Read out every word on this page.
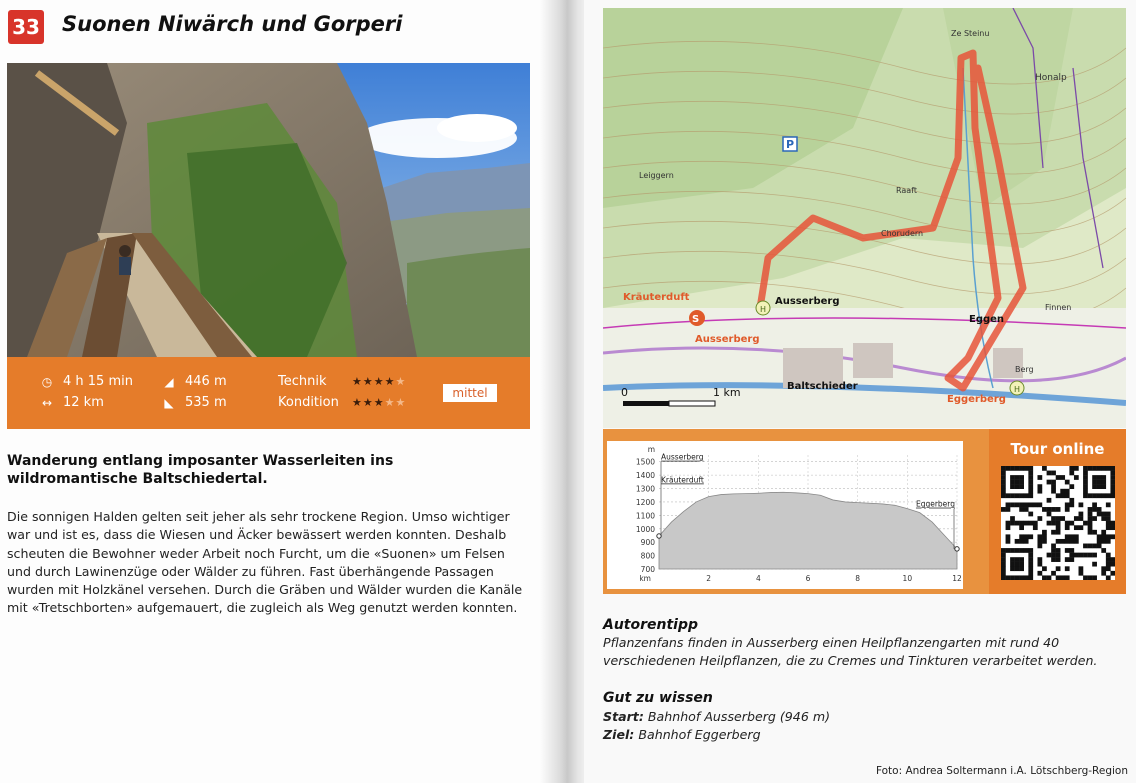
33 Suonen Niwärch und Gorperi
◷ 4 h 15 min
↔ 12 km
◢ 446 m
◣ 535 m
Technik	★★★★★
Kondition	★★★★★
mittel
Wanderung entlang imposanter Wasserleiten ins wildromantische Baltschiedertal.
Die sonnigen Halden gelten seit jeher als sehr trockene Region. Umso wichtiger war und ist es, dass die Wiesen und Äcker bewässert werden konnten. Deshalb scheuten die Bewohner weder Arbeit noch Furcht, um die «Suonen» um Felsen und durch Lawinenzüge oder Wälder zu führen. Fast überhängende Passagen wurden mit Holzkänel versehen. Durch die Gräben und Wälder wurden die Kanäle mit «Tretschborten» aufgemauert, die zugleich als Weg genutzt werden konnten.
Ze Steinu
Honalp
Leiggern
Raaft
Chorudern
Kräuterduft	Ausserberg
Ausserberg
Eggen
Finnen
Berg
Baltschieder
Eggerberg
P
S
H
H
0	1 km
700
800
900
1000
1100
1200
1300
1400
1500
2	4	6	8	10	12
m
km
Ausserberg
Kräuterduft
Eggerberg
Tour online
Autorentipp
Pflanzenfans finden in Ausserberg einen Heilpflanzengarten mit rund 40 verschiedenen Heilpflanzen, die zu Cremes und Tinkturen verarbeitet werden.
Gut zu wissen
Start: Bahnhof Ausserberg (946 m)
Ziel: Bahnhof Eggerberg
Foto: Andrea Soltermann i.A. Lötschberg-Region
